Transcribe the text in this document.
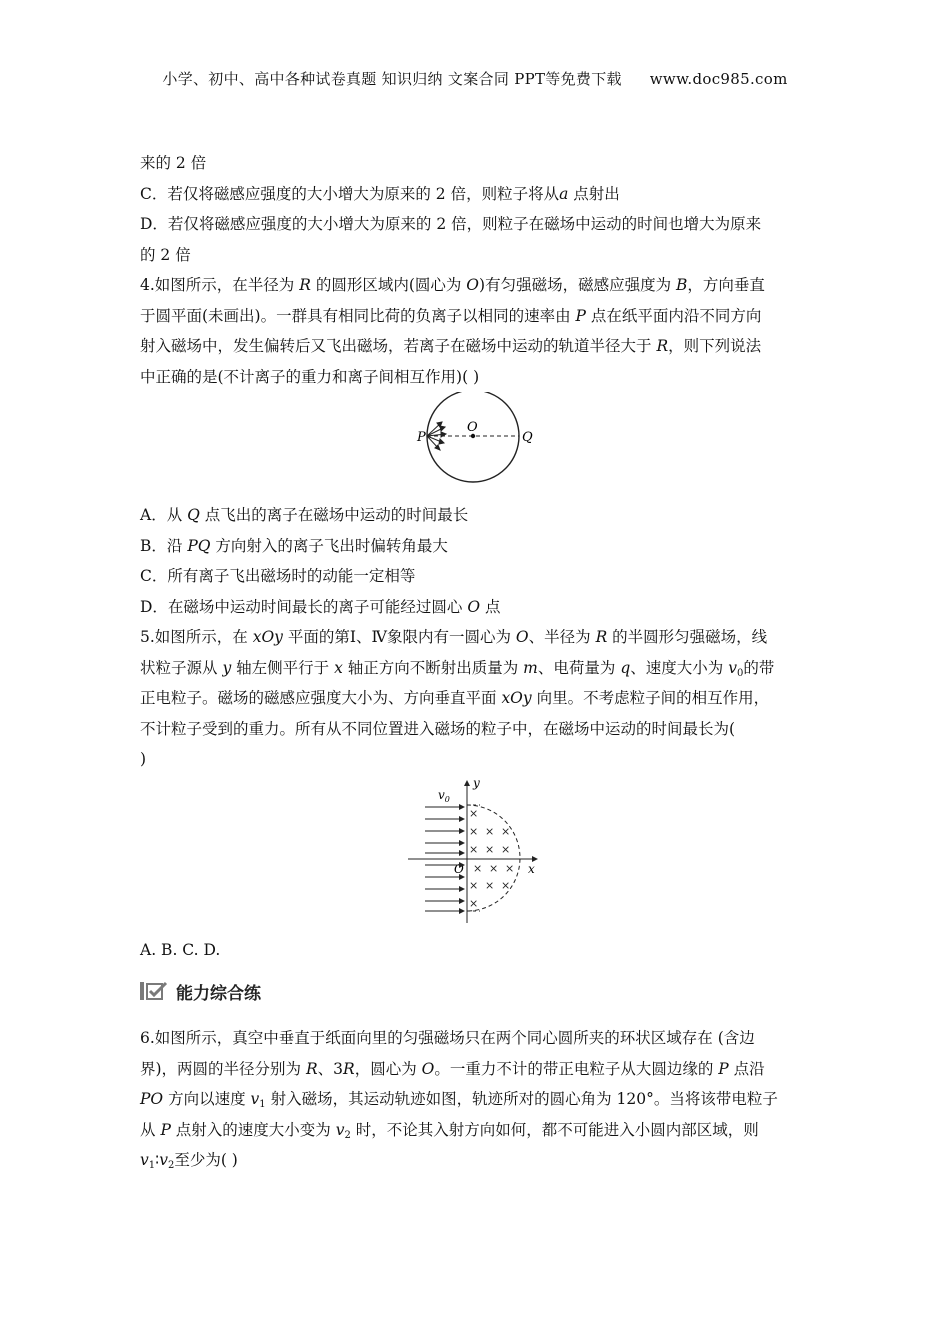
小学、初中、高中各种试卷真题 知识归纳 文案合同 PPT等免费下载 www.doc985.com
来的 2 倍
C．若仅将磁感应强度的大小增大为原来的 2 倍，则粒子将从a 点射出
D．若仅将磁感应强度的大小增大为原来的 2 倍，则粒子在磁场中运动的时间也增大为原来
的 2 倍
4.如图所示，在半径为 R 的圆形区域内(圆心为 O)有匀强磁场，磁感应强度为 B，方向垂直
于圆平面(未画出)。一群具有相同比荷的负离子以相同的速率由 P 点在纸平面内沿不同方向
射入磁场中，发生偏转后又飞出磁场，若离子在磁场中运动的轨道半径大于 R，则下列说法
中正确的是(不计离子的重力和离子间相互作用)( )
P
O
Q
A．从 Q 点飞出的离子在磁场中运动的时间最长
B．沿 PQ 方向射入的离子飞出时偏转角最大
C．所有离子飞出磁场时的动能一定相等
D．在磁场中运动时间最长的离子可能经过圆心 O 点
5.如图所示，在 xOy 平面的第Ⅰ、Ⅳ象限内有一圆心为 O、半径为 R 的半圆形匀强磁场，线
状粒子源从 y 轴左侧平行于 x 轴正方向不断射出质量为 m、电荷量为 q、速度大小为 $v_0$的带
正电粒子。磁场的磁感应强度大小为、方向垂直平面 xOy 向里。不考虑粒子间的相互作用，
不计粒子受到的重力。所有从不同位置进入磁场的粒子中，在磁场中运动的时间最长为(
)
y
x
O
$v_0$
×
× × ×
× × ×
× × ×
× × ×
×
A. B. C. D.
能力综合练
6.如图所示，真空中垂直于纸面向里的匀强磁场只在两个同心圆所夹的环状区域存在 (含边
界)，两圆的半径分别为 R、3R，圆心为 O。一重力不计的带正电粒子从大圆边缘的 P 点沿
PO 方向以速度 $v_1$ 射入磁场，其运动轨迹如图，轨迹所对的圆心角为 120°。当将该带电粒子
从 P 点射入的速度大小变为 $v_2$ 时，不论其入射方向如何，都不可能进入小圆内部区域，则
$v_1∶v_2$至少为( )
